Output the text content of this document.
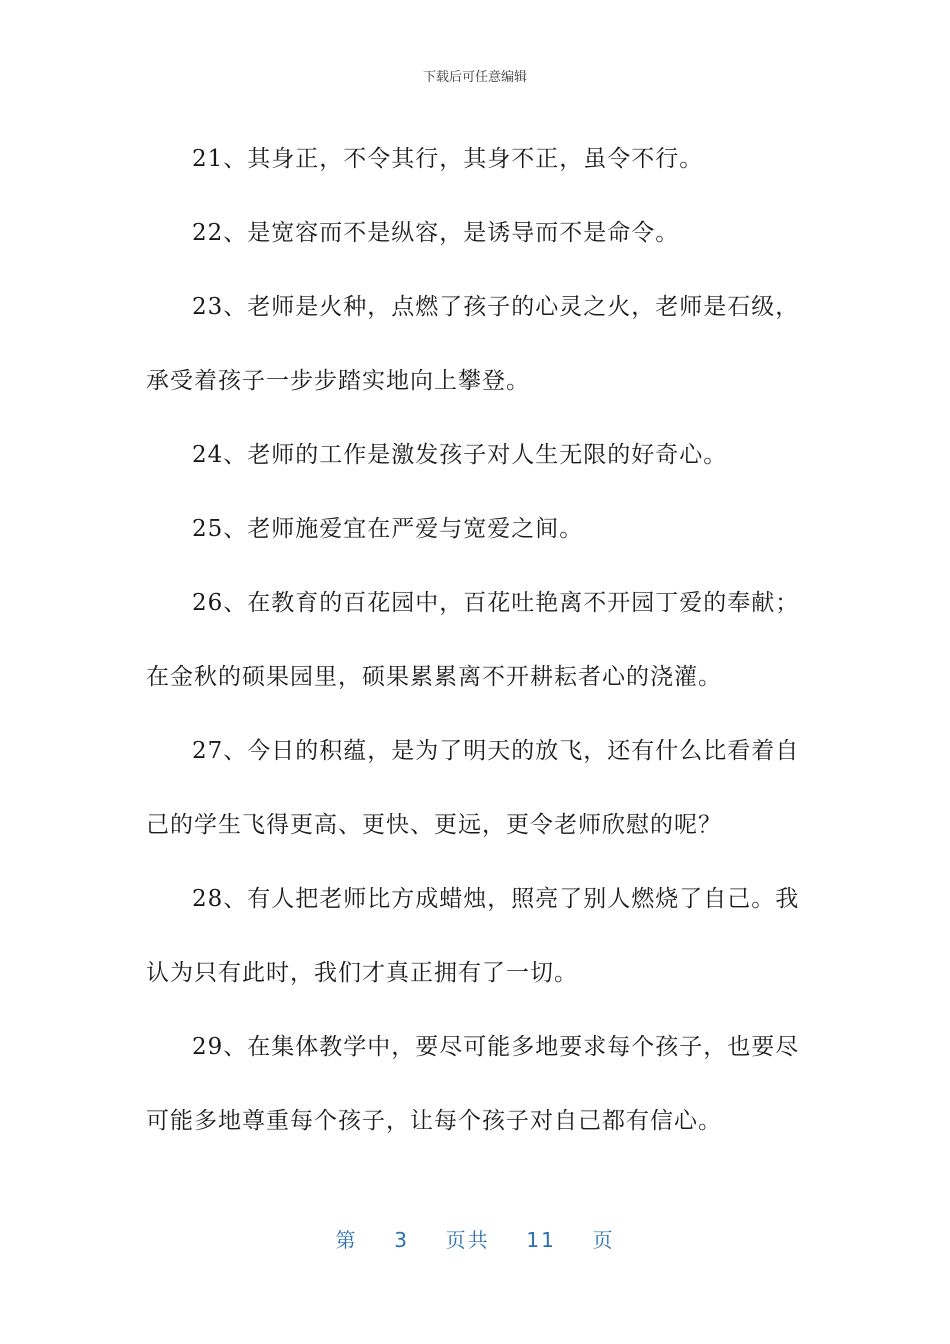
下载后可任意编辑

21、其身正，不令其行，其身不正，虽令不行。

22、是宽容而不是纵容，是诱导而不是命令。

23、老师是火种，点燃了孩子的心灵之火，老师是石级，承受着孩子一步步踏实地向上攀登。

24、老师的工作是激发孩子对人生无限的好奇心。

25、老师施爱宜在严爱与宽爱之间。

26、在教育的百花园中，百花吐艳离不开园丁爱的奉献；在金秋的硕果园里，硕果累累离不开耕耘者心的浇灌。

27、今日的积蕴，是为了明天的放飞，还有什么比看着自己的学生飞得更高、更快、更远，更令老师欣慰的呢？

28、有人把老师比方成蜡烛，照亮了别人燃烧了自己。我认为只有此时，我们才真正拥有了一切。

29、在集体教学中，要尽可能多地要求每个孩子，也要尽可能多地尊重每个孩子，让每个孩子对自己都有信心。

第 3 页共 11 页
